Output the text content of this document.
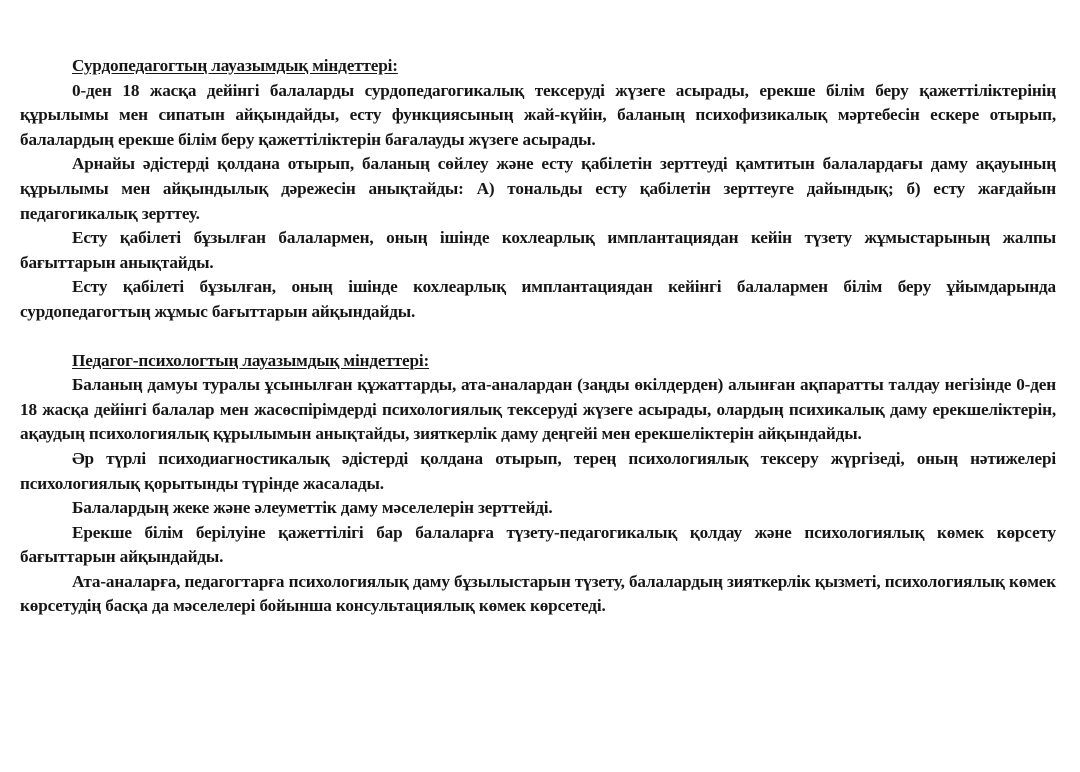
Сурдопедагогтың лауазымдық міндеттері:

0-ден 18 жасқа дейінгі балаларды сурдопедагогикалық тексеруді жүзеге асырады, ерекше білім беру қажеттіліктерінің құрылымы мен сипатын айқындайды, есту функциясының жай-күйін, баланың психофизикалық мәртебесін ескере отырып, балалардың ерекше білім беру қажеттіліктерін бағалауды жүзеге асырады.

Арнайы әдістерді қолдана отырып, баланың сөйлеу және есту қабілетін зерттеуді қамтитын балалардағы даму ақауының құрылымы мен айқындылық дәрежесін анықтайды: А) тональды есту қабілетін зерттеуге дайындық; б) есту жағдайын педагогикалық зерттеу.

Есту қабілеті бұзылған балалармен, оның ішінде кохлеарлық имплантациядан кейін түзету жұмыстарының жалпы бағыттарын анықтайды.

Есту қабілеті бұзылған, оның ішінде кохлеарлық имплантациядан кейінгі балалармен білім беру ұйымдарында сурдопедагогтың жұмыс бағыттарын айқындайды.

Педагог-психологтың лауазымдық міндеттері:

Баланың дамуы туралы ұсынылған құжаттарды, ата-аналардан (заңды өкілдерден) алынған ақпаратты талдау негізінде 0-ден 18 жасқа дейінгі балалар мен жасөспірімдерді психологиялық тексеруді жүзеге асырады, олардың психикалық даму ерекшеліктерін, ақаудың психологиялық құрылымын анықтайды, зияткерлік даму деңгейі мен ерекшеліктерін айқындайды.

Әр түрлі психодиагностикалық әдістерді қолдана отырып, терең психологиялық тексеру жүргізеді, оның нәтижелері психологиялық қорытынды түрінде жасалады.

Балалардың жеке және әлеуметтік даму мәселелерін зерттейді.

Ерекше білім берілуіне қажеттілігі бар балаларға түзету-педагогикалық қолдау және психологиялық көмек көрсету бағыттарын айқындайды.

Ата-аналарға, педагогтарға психологиялық даму бұзылыстарын түзету, балалардың зияткерлік қызметі, психологиялық көмек көрсетудің басқа да мәселелері бойынша консультациялық көмек көрсетеді.
